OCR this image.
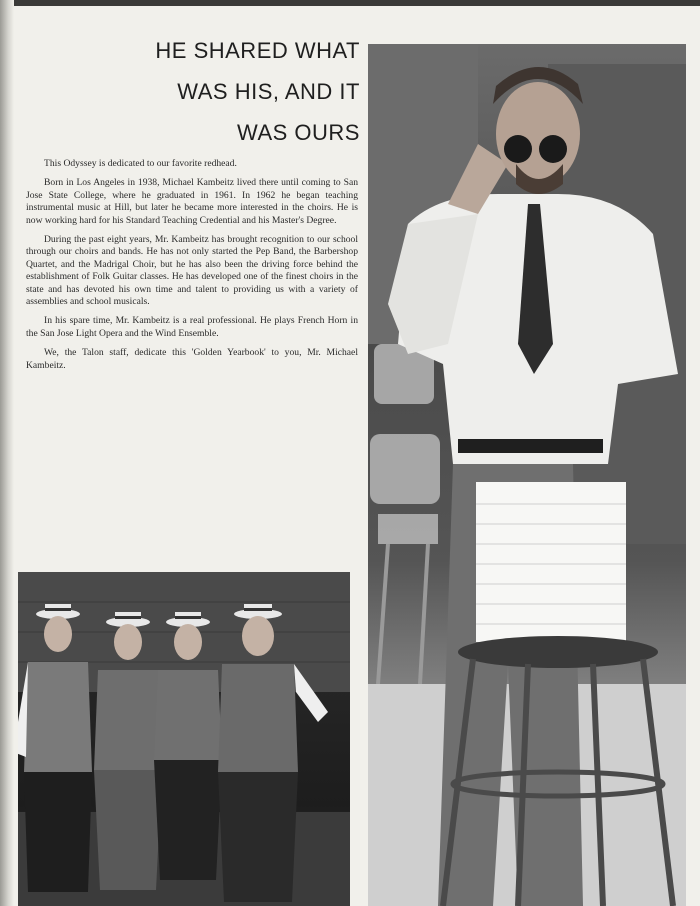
HE SHARED WHAT
WAS HIS, AND IT
WAS OURS

This Odyssey is dedicated to our favorite redhead.

Born in Los Angeles in 1938, Michael Kambeitz lived there until coming to San Jose State College, where he graduated in 1961. In 1962 he began teaching instrumental music at Hill, but later he became more interested in the choirs. He is now working hard for his Standard Teaching Credential and his Master's Degree.

During the past eight years, Mr. Kambeitz has brought recognition to our school through our choirs and bands. He has not only started the Pep Band, the Barbershop Quartet, and the Madrigal Choir, but he has also been the driving force behind the establishment of Folk Guitar classes. He has developed one of the finest choirs in the state and has devoted his own time and talent to providing us with a variety of assemblies and school musicals.

In his spare time, Mr. Kambeitz is a real professional. He plays French Horn in the San Jose Light Opera and the Wind Ensemble.

We, the Talon staff, dedicate this 'Golden Yearbook' to you, Mr. Michael Kambeitz.
